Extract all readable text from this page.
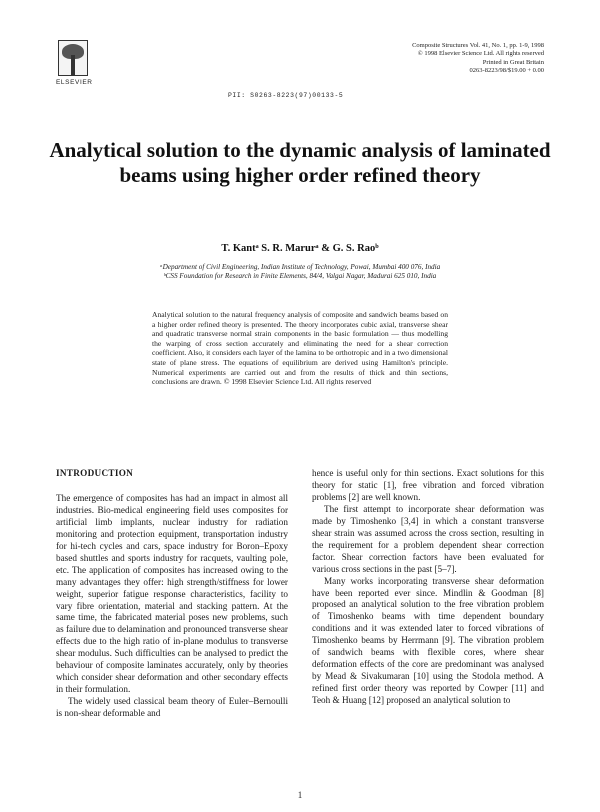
ELSEVIER
Composite Structures Vol. 41, No. 1, pp. 1-9, 1998
© 1998 Elsevier Science Ltd. All rights reserved
Printed in Great Britain
0263-8223/98/$19.00 + 0.00
PII: S0263-8223(97)00133-5
Analytical solution to the dynamic analysis of laminated beams using higher order refined theory
T. Kantᵃ S. R. Marurᵃ & G. S. Raoᵇ
ᵃDepartment of Civil Engineering, Indian Institute of Technology, Powai, Mumbai 400 076, India
ᵇCSS Foundation for Research in Finite Elements, 84/4, Valgai Nagar, Madurai 625 010, India
Analytical solution to the natural frequency analysis of composite and sandwich beams based on a higher order refined theory is presented. The theory incorporates cubic axial, transverse shear and quadratic transverse normal strain components in the basic formulation — thus modelling the warping of cross section accurately and eliminating the need for a shear correction coefficient. Also, it considers each layer of the lamina to be orthotropic and in a two dimensional state of plane stress. The equations of equilibrium are derived using Hamilton's principle. Numerical experiments are carried out and from the results of thick and thin sections, conclusions are drawn. © 1998 Elsevier Science Ltd. All rights reserved
INTRODUCTION

The emergence of composites has had an impact in almost all industries. Bio-medical engineering field uses composites for artificial limb implants, nuclear industry for radiation monitoring and protection equipment, transportation industry for hi-tech cycles and cars, space industry for Boron–Epoxy based shuttles and sports industry for racquets, vaulting pole, etc. The application of composites has increased owing to the many advantages they offer: high strength/stiffness for lower weight, superior fatigue response characteristics, facility to vary fibre orientation, material and stacking pattern. At the same time, the fabricated material poses new problems, such as failure due to delamination and pronounced transverse shear effects due to the high ratio of in-plane modulus to transverse shear modulus. Such difficulties can be analysed to predict the behaviour of composite laminates accurately, only by theories which consider shear deformation and other secondary effects in their formulation.

The widely used classical beam theory of Euler–Bernoulli is non-shear deformable and

hence is useful only for thin sections. Exact solutions for this theory for static [1], free vibration and forced vibration problems [2] are well known.

The first attempt to incorporate shear deformation was made by Timoshenko [3,4] in which a constant transverse shear strain was assumed across the cross section, resulting in the requirement for a problem dependent shear correction factor. Shear correction factors have been evaluated for various cross sections in the past [5–7].

Many works incorporating transverse shear deformation have been reported ever since. Mindlin & Goodman [8] proposed an analytical solution to the free vibration problem of Timoshenko beams with time dependent boundary conditions and it was extended later to forced vibrations of Timoshenko beams by Herrmann [9]. The vibration problem of sandwich beams with flexible cores, where shear deformation effects of the core are predominant was analysed by Mead & Sivakumaran [10] using the Stodola method. A refined first order theory was reported by Cowper [11] and Teoh & Huang [12] proposed an analytical solution to

1
